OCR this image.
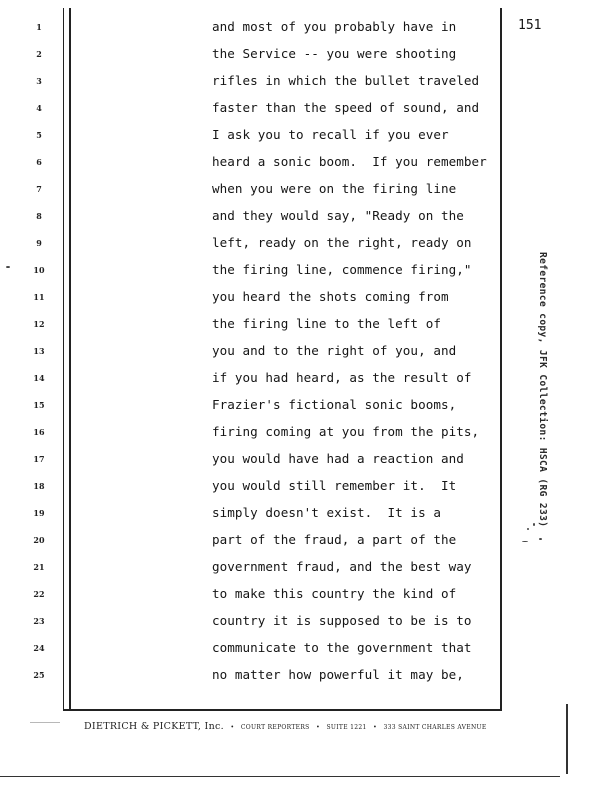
151
1	and most of you probably have in
2	the Service -- you were shooting
3	rifles in which the bullet traveled
4	faster than the speed of sound, and
5	I ask you to recall if you ever
6	heard a sonic boom.  If you remember
7	when you were on the firing line
8	and they would say, "Ready on the
9	left, ready on the right, ready on
10	the firing line, commence firing,"
11	you heard the shots coming from
12	the firing line to the left of
13	you and to the right of you, and
14	if you had heard, as the result of
15	Frazier's fictional sonic booms,
16	firing coming at you from the pits,
17	you would have had a reaction and
18	you would still remember it.  It
19	simply doesn't exist.  It is a
20	part of the fraud, a part of the
21	government fraud, and the best way
22	to make this country the kind of
23	country it is supposed to be is to
24	communicate to the government that
25	no matter how powerful it may be,
DIETRICH & PICKETT, Inc. • COURT REPORTERS • SUITE 1221 • 333 SAINT CHARLES AVENUE
Reference copy, JFK Collection: HSCA (RG 233)
